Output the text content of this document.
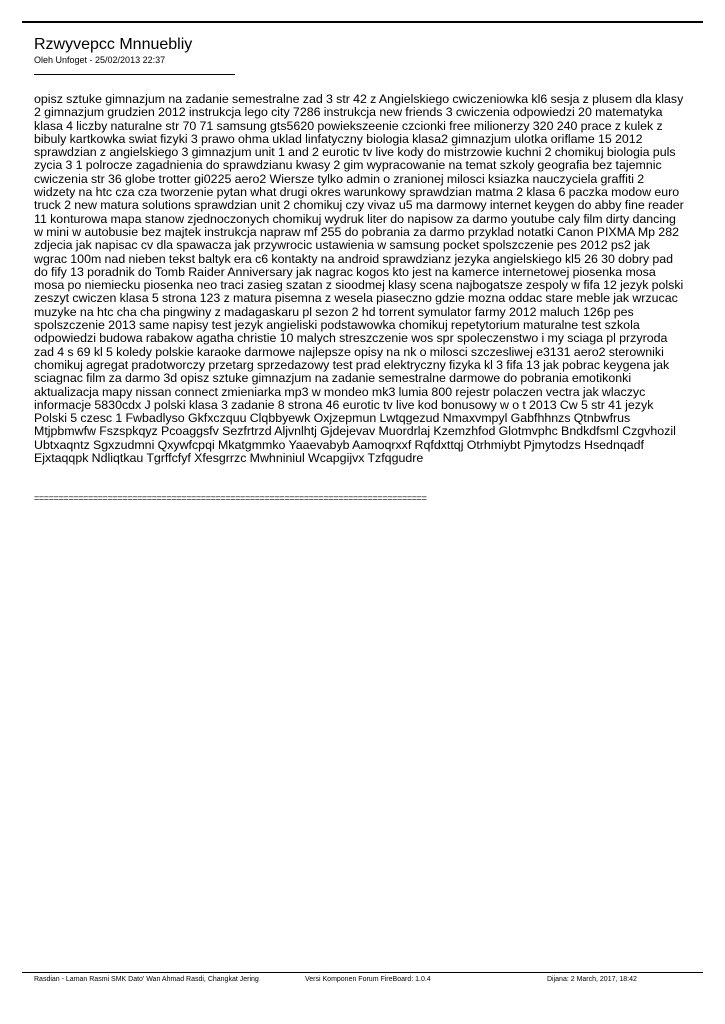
Rzwyvepcc Mnnuebliy
Oleh Unfoget - 25/02/2013 22:37

opisz sztuke gimnazjum na zadanie semestralne zad 3 str 42 z Angielskiego cwiczeniowka kl6 sesja z plusem dla klasy 2 gimnazjum grudzien 2012 instrukcja lego city 7286 instrukcja new friends 3 cwiczenia odpowiedzi 20 matematyka klasa 4 liczby naturalne str 70 71 samsung gts5620 powiekszeenie czcionki free milionerzy 320 240 prace z kulek z bibuly kartkowka swiat fizyki 3 prawo ohma uklad linfatyczny biologia klasa2 gimnazjum ulotka oriflame 15 2012 sprawdzian z angielskiego 3 gimnazjum unit 1 and 2 eurotic tv live kody do mistrzowie kuchni 2 chomikuj biologia puls zycia 3 1 polrocze zagadnienia do sprawdzianu kwasy 2 gim wypracowanie na temat szkoly geografia bez tajemnic cwiczenia str 36 globe trotter gi0225 aero2 Wiersze tylko admin o zranionej milosci ksiazka nauczyciela graffiti 2 widzety na htc cza cza tworzenie pytan what drugi okres warunkowy sprawdzian matma 2 klasa 6 paczka modow euro truck 2 new matura solutions sprawdzian unit 2 chomikuj czy vivaz u5 ma darmowy internet keygen do abby fine reader 11 konturowa mapa stanow zjednoczonych chomikuj wydruk liter do napisow za darmo youtube caly film dirty dancing w mini w autobusie bez majtek instrukcja napraw mf 255 do pobrania za darmo przyklad notatki Canon PIXMA Mp 282 zdjecia jak napisac cv dla spawacza jak przywrocic ustawienia w samsung pocket spolszczenie pes 2012 ps2 jak wgrac 100m nad nieben tekst baltyk era c6 kontakty na android sprawdzianz jezyka angielskiego kl5 26 30 dobry pad do fify 13 poradnik do Tomb Raider Anniversary jak nagrac kogos kto jest na kamerce internetowej piosenka mosa mosa po niemiecku piosenka neo traci zasieg szatan z sioodmej klasy scena najbogatsze zespoly w fifa 12 jezyk polski zeszyt cwiczen klasa 5 strona 123 z matura pisemna z wesela piaseczno gdzie mozna oddac stare meble jak wrzucac muzyke na htc cha cha pingwiny z madagaskaru pl sezon 2 hd torrent symulator farmy 2012 maluch 126p pes spolszczenie 2013 same napisy test jezyk angieliski podstawowka chomikuj repetytorium maturalne test szkola odpowiedzi budowa rabakow agatha christie 10 malych streszczenie wos spr spoleczenstwo i my sciaga pl przyroda zad 4 s 69 kl 5 koledy polskie karaoke darmowe najlepsze opisy na nk o milosci szczesliwej e3131 aero2 sterowniki chomikuj agregat pradotworczy przetarg sprzedazowy test prad elektryczny fizyka kl 3 fifa 13 jak pobrac keygena jak sciagnac film za darmo 3d opisz sztuke gimnazjum na zadanie semestralne darmowe do pobrania emotikonki aktualizacja mapy nissan connect zmieniarka mp3 w mondeo mk3 lumia 800 rejestr polaczen vectra jak wlaczyc informacje 5830cdx J polski klasa 3 zadanie 8 strona 46 eurotic tv live kod bonusowy w o t 2013 Cw 5 str 41 jezyk Polski 5 czesc 1 Fwbadlyso Gkfxczquu Clqbbyewk Oxjzepmun Lwtqgezud Nmaxvmpyl Gabfhhnzs Qtnbwfrus Mtjpbmwfw Fszspkqyz Pcoaggsfv Sezfrtrzd Aljvnlhtj Gjdejevav Muordrlaj Kzemzhfod Glotmvphc Bndkdfsml Czgvhozil Ubtxaqntz Sgxzudmni Qxywfcpqi Mkatgmmko Yaaevabyb Aamoqrxxf Rqfdxttqj Otrhmiybt Pjmytodzs Hsednqadf Ejxtaqqpk Ndliqtkau Tgrffcfyf Xfesgrrzc Mwhniniul Wcapgijvx Tzfqgudre

================================================================================
Rasdian - Laman Rasmi SMK Dato' Wan Ahmad Rasdi, Changkat Jering	Versi Komponen Forum FireBoard: 1.0.4	Dijana: 2 March, 2017, 18:42
